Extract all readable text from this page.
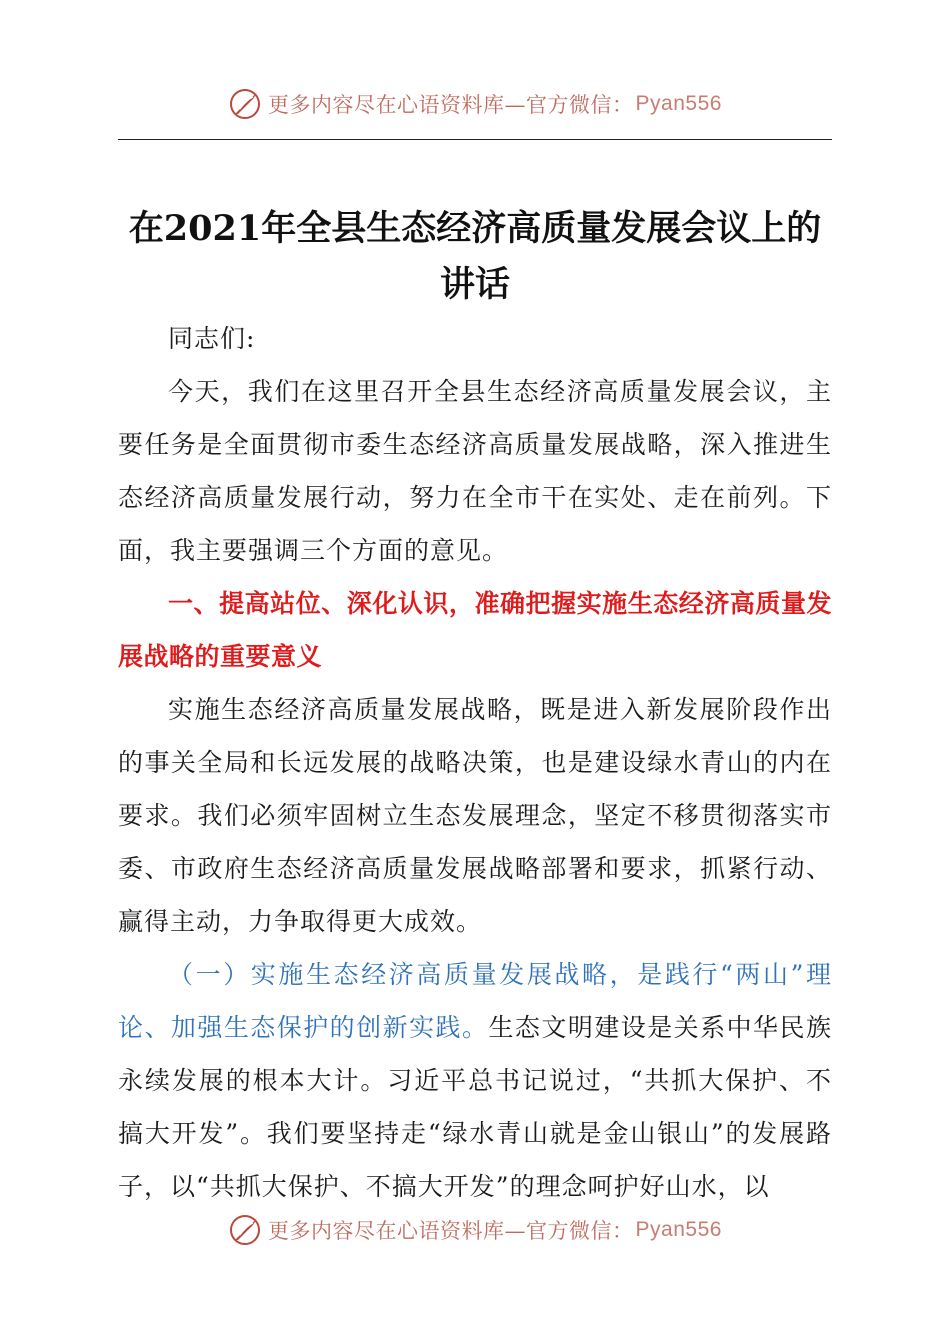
更多内容尽在心语资料库—官方微信： Pyan556
在2021年全县生态经济高质量发展会议上的讲话

同志们:

今天，我们在这里召开全县生态经济高质量发展会议，主要任务是全面贯彻市委生态经济高质量发展战略，深入推进生态经济高质量发展行动，努力在全市干在实处、走在前列。下面，我主要强调三个方面的意见。

一、提高站位、深化认识，准确把握实施生态经济高质量发展战略的重要意义

实施生态经济高质量发展战略，既是进入新发展阶段作出的事关全局和长远发展的战略决策，也是建设绿水青山的内在要求。我们必须牢固树立生态发展理念，坚定不移贯彻落实市委、市政府生态经济高质量发展战略部署和要求，抓紧行动、赢得主动，力争取得更大成效。

（一）实施生态经济高质量发展战略，是践行“两山”理论、加强生态保护的创新实践。生态文明建设是关系中华民族永续发展的根本大计。习近平总书记说过，“共抓大保护、不搞大开发”。我们要坚持走“绿水青山就是金山银山”的发展路子，以“共抓大保护、不搞大开发”的理念呵护好山水，以

更多内容尽在心语资料库—官方微信： Pyan556
